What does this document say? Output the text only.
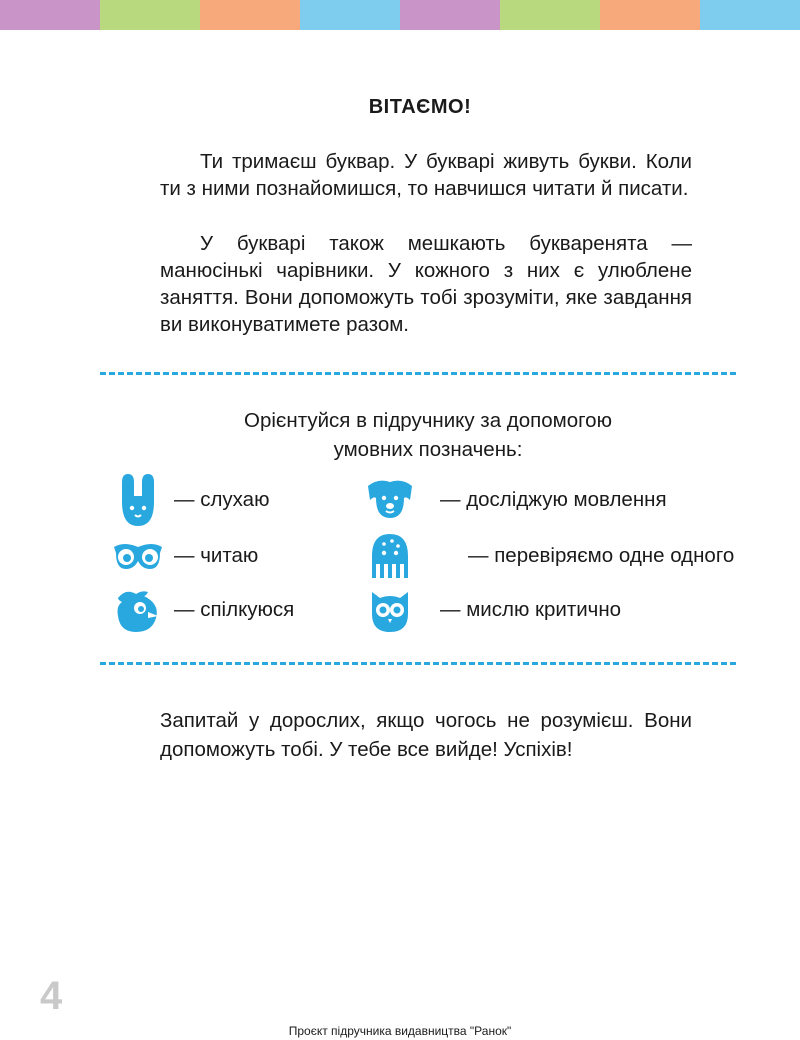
ВІТАЄМО!

Ти тримаєш буквар. У букварі живуть букви. Коли ти з ними познайомишся, то навчишся читати й писати.

У букварі також мешкають букваренята — манюсінькі чарівники. У кожного з них є улюблене заняття. Вони допоможуть тобі зрозуміти, яке завдання ви виконуватимете разом.

Орієнтуйся в підручнику за допомогою
умовних позначень:
— слухаю	— досліджую мовлення
— читаю	— перевіряємо одне одного
— спілкуюся	— мислю критично

Запитай у дорослих, якщо чогось не розумієш. Вони допоможуть тобі. У тебе все вийде! Успіхів!

4
Проєкт підручника видавництва "Ранок"
